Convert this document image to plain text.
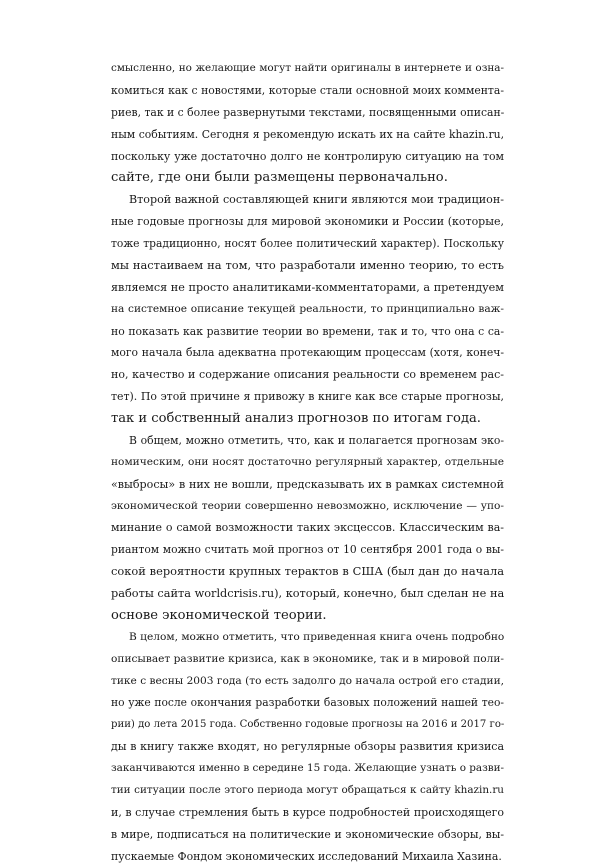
смысленно, но желающие могут найти оригиналы в интернете и озна-
комиться как с новостями, которые стали основной моих коммента-
риев, так и с более развернутыми текстами, посвященными описан-
ным событиям. Сегодня я рекомендую искать их на сайте khazin.ru,
поскольку уже достаточно долго не контролирую ситуацию на том
сайте, где они были размещены первоначально.
Второй важной составляющей книги являются мои традицион-
ные годовые прогнозы для мировой экономики и России (которые,
тоже традиционно, носят более политический характер). Поскольку
мы настаиваем на том, что разработали именно теорию, то есть
являемся не просто аналитиками-комментаторами, а претендуем
на системное описание текущей реальности, то принципиально важ-
но показать как развитие теории во времени, так и то, что она с са-
мого начала была адекватна протекающим процессам (хотя, конеч-
но, качество и содержание описания реальности со временем рас-
тет). По этой причине я привожу в книге как все старые прогнозы,
так и собственный анализ прогнозов по итогам года.
В общем, можно отметить, что, как и полагается прогнозам эко-
номическим, они носят достаточно регулярный характер, отдельные
«выбросы» в них не вошли, предсказывать их в рамках системной
экономической теории совершенно невозможно, исключение — упо-
минание о самой возможности таких эксцессов. Классическим ва-
риантом можно считать мой прогноз от 10 сентября 2001 года о вы-
сокой вероятности крупных терактов в США (был дан до начала
работы сайта worldcrisis.ru), который, конечно, был сделан не на
основе экономической теории.
В целом, можно отметить, что приведенная книга очень подробно
описывает развитие кризиса, как в экономике, так и в мировой поли-
тике с весны 2003 года (то есть задолго до начала острой его стадии,
но уже после окончания разработки базовых положений нашей тео-
рии) до лета 2015 года. Собственно годовые прогнозы на 2016 и 2017 го-
ды в книгу также входят, но регулярные обзоры развития кризиса
заканчиваются именно в середине 15 года. Желающие узнать о разви-
тии ситуации после этого периода могут обращаться к сайту khazin.ru
и, в случае стремления быть в курсе подробностей происходящего
в мире, подписаться на политические и экономические обзоры, вы-
пускаемые Фондом экономических исследований Михаила Хазина.
